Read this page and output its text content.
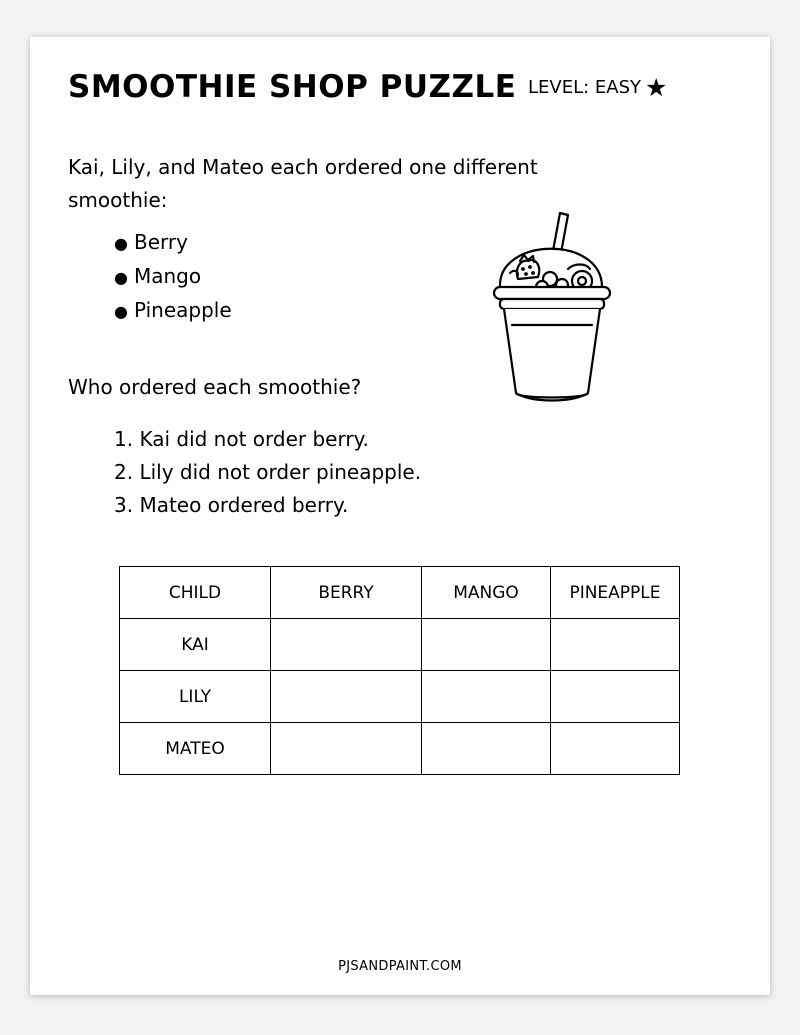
SMOOTHIE SHOP PUZZLE LEVEL: EASY ★

Kai, Lily, and Mateo each ordered one different smoothie:

● Berry
● Mango
● Pineapple

Who ordered each smoothie?

1. Kai did not order berry.
2. Lily did not order pineapple.
3. Mateo ordered berry.
CHILD	BERRY	MANGO	PINEAPPLE
KAI			
LILY			
MATEO			
PJSANDPAINT.COM
